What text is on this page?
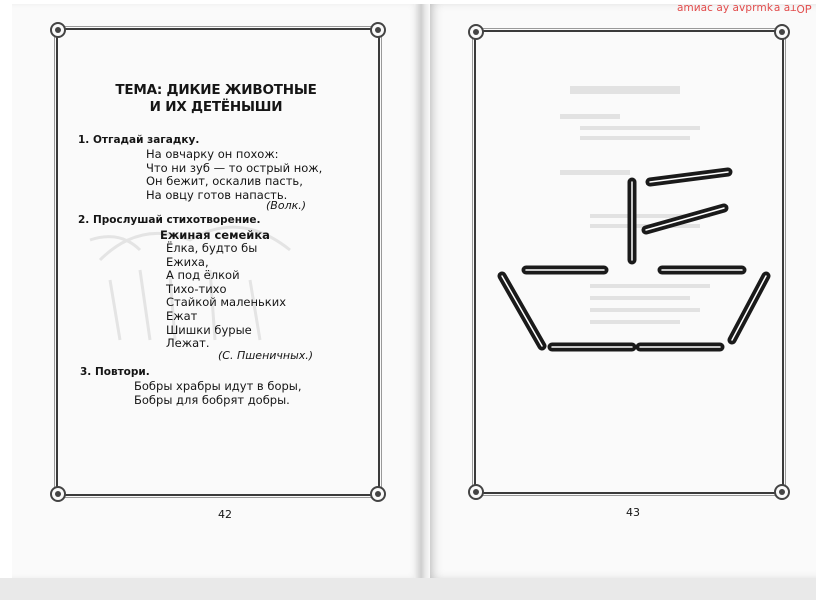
ԀОтɐ ɐʞɯɹdʌɐ ʎɐ ɔɐиɯɐ
ТЕМА: ДИКИЕ ЖИВОТНЫЕ
И ИХ ДЕТЁНЫШИ
1. Отгадай загадку.
На овчарку он похож:
Что ни зуб — то острый нож,
Он бежит, оскалив пасть,
На овцу готов напасть.
(Волк.)
2. Прослушай стихотворение.
Ежиная семейка
Ёлка, будто бы
Ежиха,
А под ёлкой
Тихо-тихо
Стайкой маленьких
Ежат
Шишки бурые
Лежат.
(С. Пшеничных.)
3. Повтори.
Бобры храбры идут в боры,
Бобры для бобрят добры.
42	43
